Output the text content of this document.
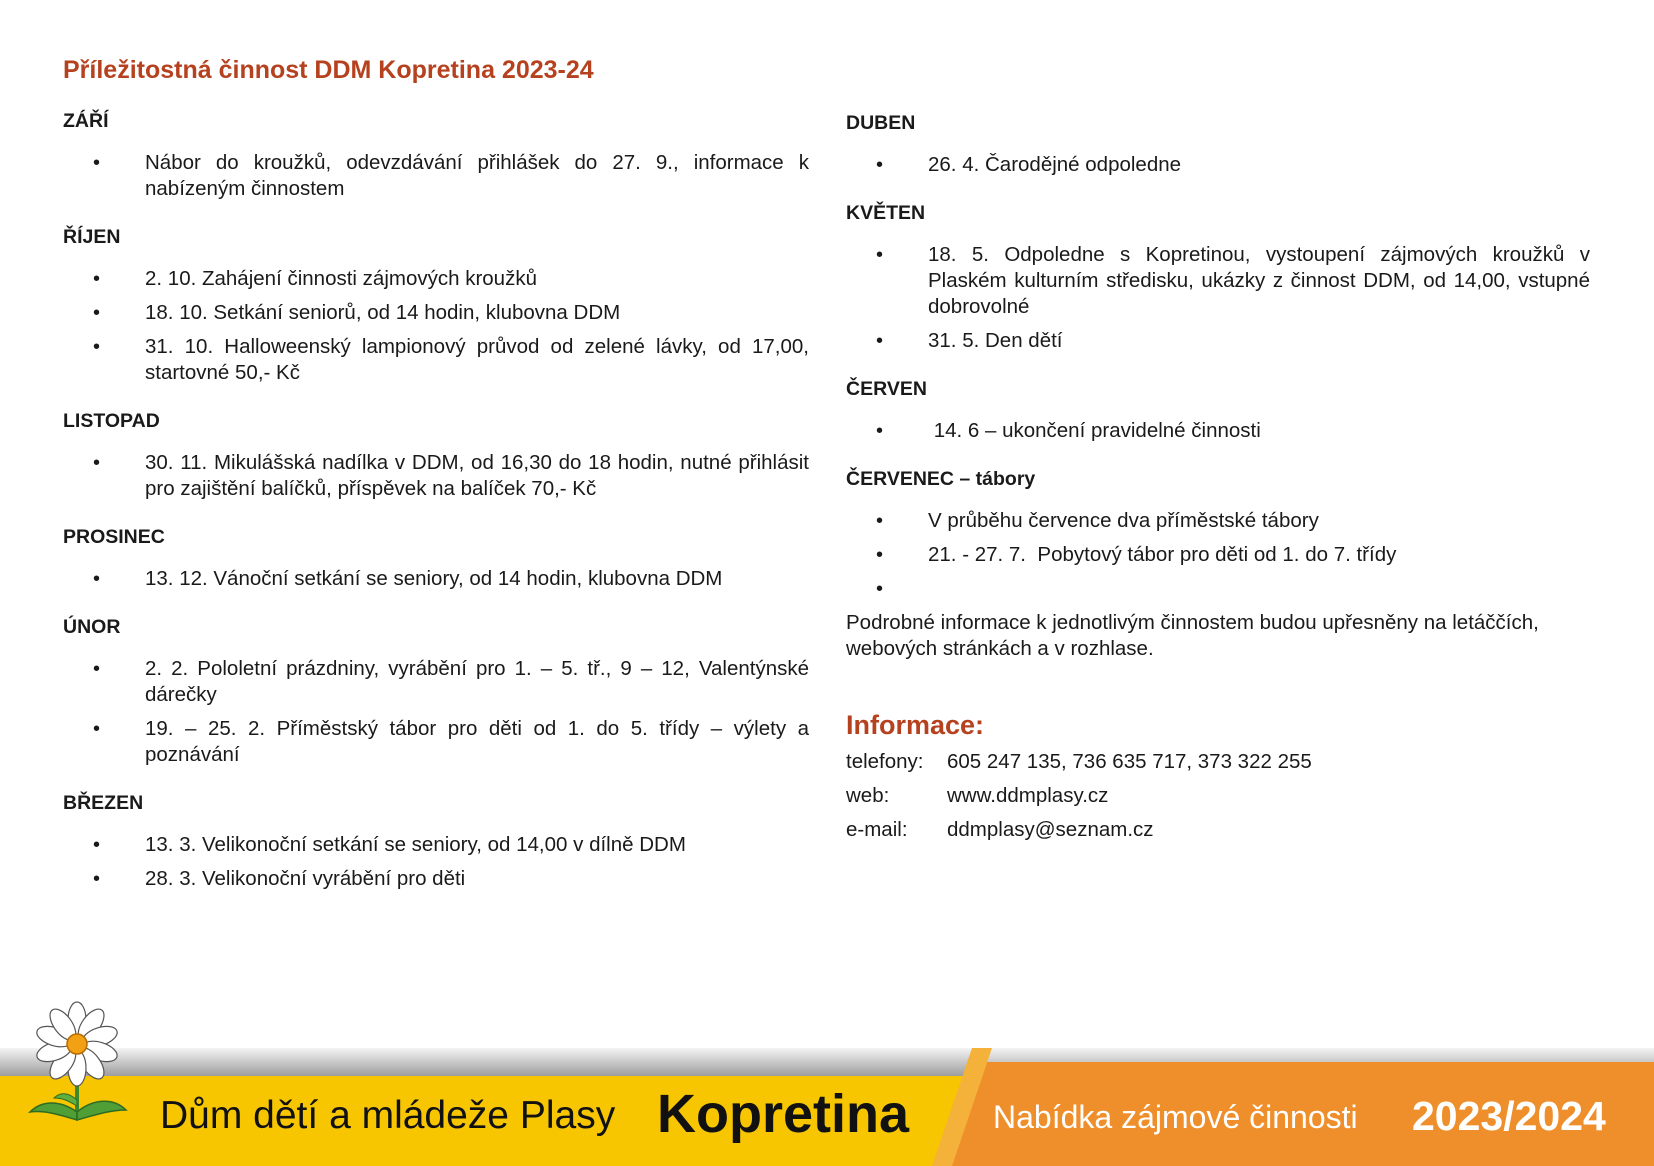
Příležitostná činnost DDM Kopretina 2023-24
ZÁŘÍ
• Nábor do kroužků, odevzdávání přihlášek do 27. 9., informace k nabízeným činnostem
ŘÍJEN
• 2. 10. Zahájení činnosti zájmových kroužků
• 18. 10. Setkání seniorů, od 14 hodin, klubovna DDM
• 31. 10. Halloweenský lampionový průvod od zelené lávky, od 17,00, startovné 50,- Kč
LISTOPAD
• 30. 11. Mikulášská nadílka v DDM, od 16,30 do 18 hodin, nutné přihlásit pro zajištění balíčků, příspěvek na balíček 70,- Kč
PROSINEC
• 13. 12. Vánoční setkání se seniory, od 14 hodin, klubovna DDM
ÚNOR
• 2. 2. Pololetní prázdniny, vyrábění pro 1. – 5. tř., 9 – 12, Valentýnské dárečky
• 19. – 25. 2. Příměstský tábor pro děti od 1. do 5. třídy – výlety a poznávání
BŘEZEN
• 13. 3. Velikonoční setkání se seniory, od 14,00 v dílně DDM
• 28. 3. Velikonoční vyrábění pro děti
DUBEN
• 26. 4. Čarodějné odpoledne
KVĚTEN
• 18. 5. Odpoledne s Kopretinou, vystoupení zájmových kroužků v Plaském kulturním středisku, ukázky z činnost DDM, od 14,00, vstupné dobrovolné
• 31. 5. Den dětí
ČERVEN
• 14. 6 – ukončení pravidelné činnosti
ČERVENEC – tábory
• V průběhu července dva příměstské tábory
• 21. - 27. 7.  Pobytový tábor pro děti od 1. do 7. třídy
•

Podrobné informace k jednotlivým činnostem budou upřesněny na letáččích, webových stránkách a v rozhlase.

Informace:
telefony:	605 247 135, 736 635 717, 373 322 255
web:	www.ddmplasy.cz
e-mail:	ddmplasy@seznam.cz
Dům dětí a mládeže Plasy Kopretina	Nabídka zájmové činnosti 2023/2024
